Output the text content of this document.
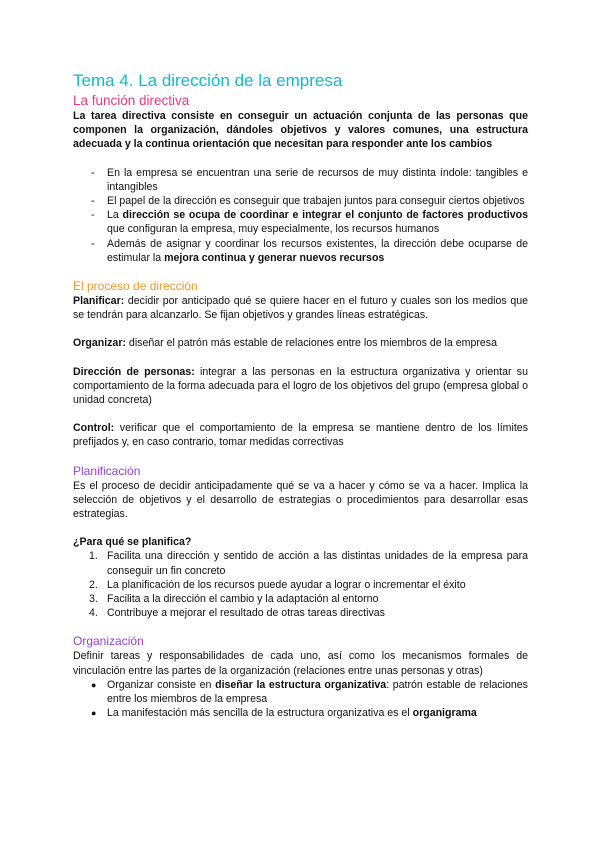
Tema 4. La dirección de la empresa
La función directiva

La tarea directiva consiste en conseguir un actuación conjunta de las personas que componen la organización, dándoles objetivos y valores comunes, una estructura adecuada y la continua orientación que necesitan para responder ante los cambios

- En la empresa se encuentran una serie de recursos de muy distinta índole: tangibles e intangibles
- El papel de la dirección es conseguir que trabajen juntos para conseguir ciertos objetivos
- La dirección se ocupa de coordinar e integrar el conjunto de factores productivos que configuran la empresa, muy especialmente, los recursos humanos
- Además de asignar y coordinar los recursos existentes, la dirección debe ocuparse de estimular la mejora continua y generar nuevos recursos
El proceso de dirección

Planificar: decidir por anticipado qué se quiere hacer en el futuro y cuales son los medios que se tendrán para alcanzarlo. Se fijan objetivos y grandes líneas estratégicas.

Organizar: diseñar el patrón más estable de relaciones entre los miembros de la empresa

Dirección de personas: integrar a las personas en la estructura organizativa y orientar su comportamiento de la forma adecuada para el logro de los objetivos del grupo (empresa global o unidad concreta)

Control: verificar que el comportamiento de la empresa se mantiene dentro de los límites prefijados y, en caso contrario, tomar medidas correctivas

Planificación

Es el proceso de decidir anticipadamente qué se va a hacer y cómo se va a hacer. Implica la selección de objetivos y el desarrollo de estrategias o procedimientos para desarrollar esas estrategias.

¿Para qué se planifica?

1. Facilita una dirección y sentido de acción a las distintas unidades de la empresa para conseguir un fin concreto
2. La planificación de los recursos puede ayudar a lograr o incrementar el éxito
3. Facilita a la dirección el cambio y la adaptación al entorno
4. Contribuye a mejorar el resultado de otras tareas directivas
Organización

Definir tareas y responsabilidades de cada uno, así como los mecanismos formales de vinculación entre las partes de la organización (relaciones entre unas personas y otras)

● Organizar consiste en diseñar la estructura organizativa: patrón estable de relaciones entre los miembros de la empresa
● La manifestación más sencilla de la estructura organizativa es el organigrama
